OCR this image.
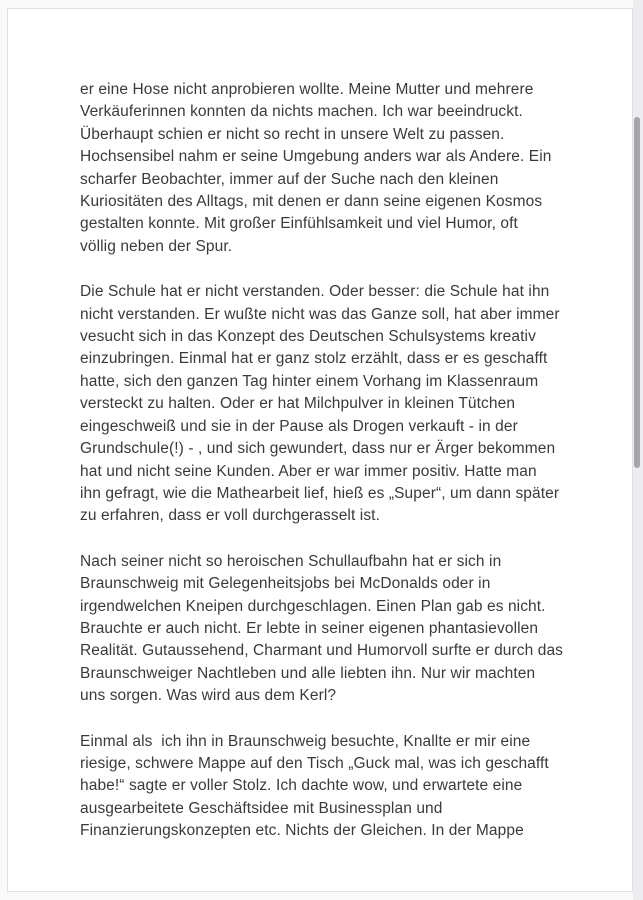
er eine Hose nicht anprobieren wollte. Meine Mutter und mehrere
Verkäuferinnen konnten da nichts machen. Ich war beeindruckt.
Überhaupt schien er nicht so recht in unsere Welt zu passen.
Hochsensibel nahm er seine Umgebung anders war als Andere. Ein
scharfer Beobachter, immer auf der Suche nach den kleinen
Kuriositäten des Alltags, mit denen er dann seine eigenen Kosmos
gestalten konnte. Mit großer Einfühlsamkeit und viel Humor, oft
völlig neben der Spur.
Die Schule hat er nicht verstanden. Oder besser: die Schule hat ihn
nicht verstanden. Er wußte nicht was das Ganze soll, hat aber immer
vesucht sich in das Konzept des Deutschen Schulsystems kreativ
einzubringen. Einmal hat er ganz stolz erzählt, dass er es geschafft
hatte, sich den ganzen Tag hinter einem Vorhang im Klassenraum
versteckt zu halten. Oder er hat Milchpulver in kleinen Tütchen
eingeschweiß und sie in der Pause als Drogen verkauft - in der
Grundschule(!) - , und sich gewundert, dass nur er Ärger bekommen
hat und nicht seine Kunden. Aber er war immer positiv. Hatte man
ihn gefragt, wie die Mathearbeit lief, hieß es „Super“, um dann später
zu erfahren, dass er voll durchgerasselt ist.
Nach seiner nicht so heroischen Schullaufbahn hat er sich in
Braunschweig mit Gelegenheitsjobs bei McDonalds oder in
irgendwelchen Kneipen durchgeschlagen. Einen Plan gab es nicht.
Brauchte er auch nicht. Er lebte in seiner eigenen phantasievollen
Realität. Gutaussehend, Charmant und Humorvoll surfte er durch das
Braunschweiger Nachtleben und alle liebten ihn. Nur wir machten
uns sorgen. Was wird aus dem Kerl?
Einmal als  ich ihn in Braunschweig besuchte, Knallte er mir eine
riesige, schwere Mappe auf den Tisch „Guck mal, was ich geschafft
habe!“ sagte er voller Stolz. Ich dachte wow, und erwartete eine
ausgearbeitete Geschäftsidee mit Businessplan und
Finanzierungskonzepten etc. Nichts der Gleichen. In der Mappe
